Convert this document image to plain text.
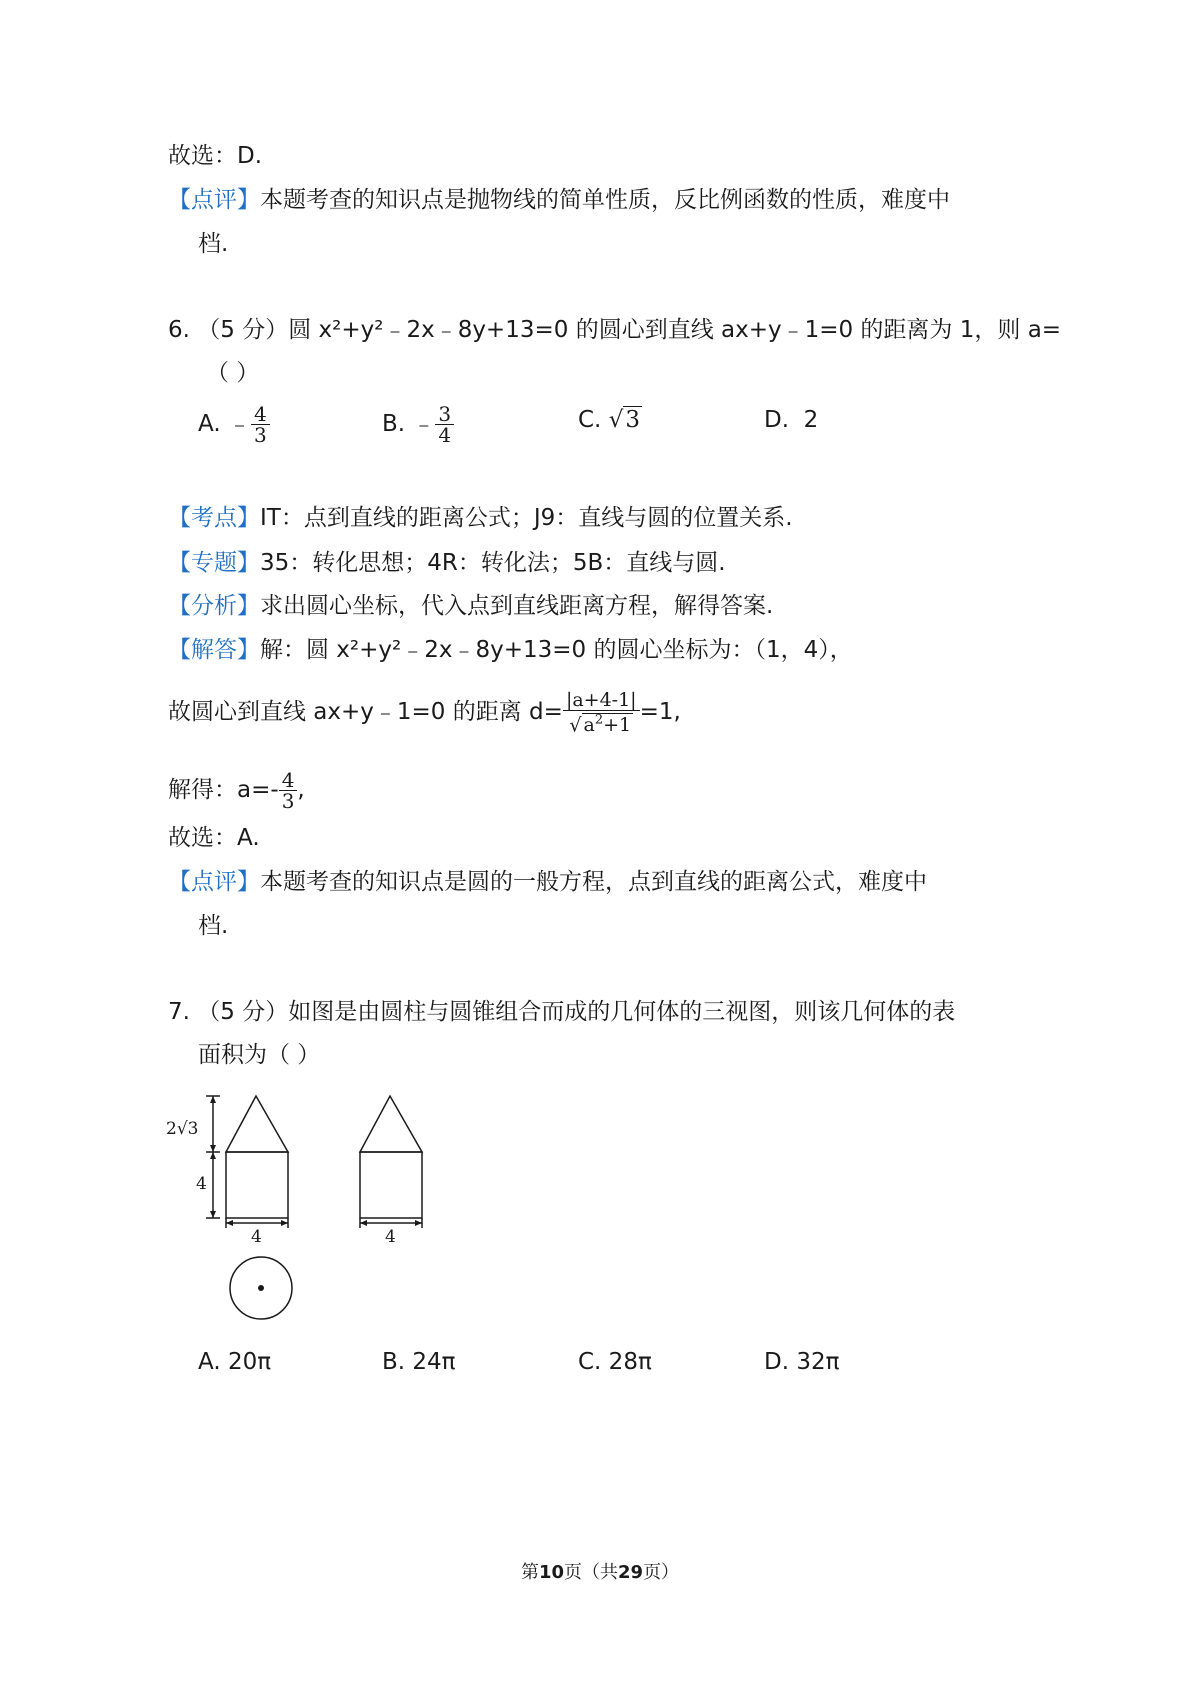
故选：D.
【点评】本题考查的知识点是抛物线的简单性质，反比例函数的性质，难度中
档.
6. （5 分）圆 x²+y²﹣2x﹣8y+13=0 的圆心到直线 ax+y﹣1=0 的距离为 1，则 a=
（ ）
A. ﹣ $\frac{4}{3}$	B. ﹣ $\frac{3}{4}$	C. √3	D. 2
【考点】IT：点到直线的距离公式；J9：直线与圆的位置关系.
【专题】35：转化思想；4R：转化法；5B：直线与圆.
【分析】求出圆心坐标，代入点到直线距离方程，解得答案.
【解答】解：圆 x²+y²﹣2x﹣8y+13=0 的圆心坐标为：（1，4），
故圆心到直线 ax+y﹣1=0 的距离 $d= \frac{|a+4-1|}{√ a^2+1} =1$,
解得：$a=- \frac{4}{3}$ ,
故选：A.
【点评】本题考查的知识点是圆的一般方程，点到直线的距离公式，难度中
档.
7. （5 分）如图是由圆柱与圆锥组合而成的几何体的三视图，则该几何体的表
面积为（ ）
2√3
4
4	4
A. 20π	B. 24π	C. 28π	D. 32π
第10页（共29页）
